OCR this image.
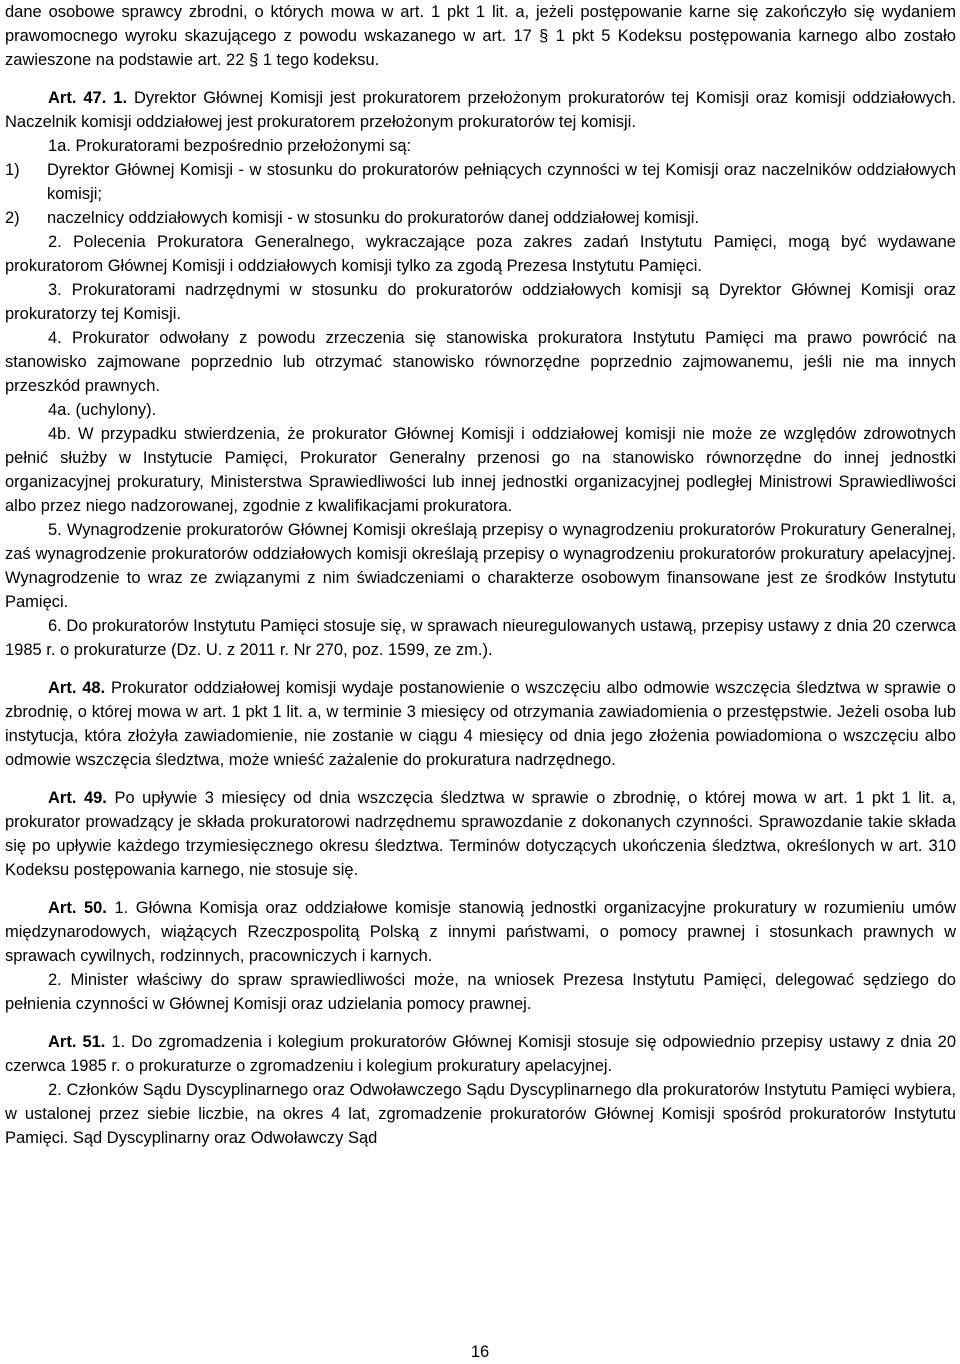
dane osobowe sprawcy zbrodni, o których mowa w art. 1 pkt 1 lit. a, jeżeli postępowanie karne się zakończyło się wydaniem prawomocnego wyroku skazującego z powodu wskazanego w art. 17 § 1 pkt 5 Kodeksu postępowania karnego albo zostało zawieszone na podstawie art. 22 § 1 tego kodeksu.

Art. 47. 1. Dyrektor Głównej Komisji jest prokuratorem przełożonym prokuratorów tej Komisji oraz komisji oddziałowych. Naczelnik komisji oddziałowej jest prokuratorem przełożonym prokuratorów tej komisji.

1a. Prokuratorami bezpośrednio przełożonymi są:

1)	Dyrektor Głównej Komisji - w stosunku do prokuratorów pełniących czynności w tej Komisji oraz naczelników oddziałowych komisji;
2)	naczelnicy oddziałowych komisji - w stosunku do prokuratorów danej oddziałowej komisji.

2. Polecenia Prokuratora Generalnego, wykraczające poza zakres zadań Instytutu Pamięci, mogą być wydawane prokuratorom Głównej Komisji i oddziałowych komisji tylko za zgodą Prezesa Instytutu Pamięci.

3. Prokuratorami nadrzędnymi w stosunku do prokuratorów oddziałowych komisji są Dyrektor Głównej Komisji oraz prokuratorzy tej Komisji.

4. Prokurator odwołany z powodu zrzeczenia się stanowiska prokuratora Instytutu Pamięci ma prawo powrócić na stanowisko zajmowane poprzednio lub otrzymać stanowisko równorzędne poprzednio zajmowanemu, jeśli nie ma innych przeszkód prawnych.

4a. (uchylony).

4b. W przypadku stwierdzenia, że prokurator Głównej Komisji i oddziałowej komisji nie może ze względów zdrowotnych pełnić służby w Instytucie Pamięci, Prokurator Generalny przenosi go na stanowisko równorzędne do innej jednostki organizacyjnej prokuratury, Ministerstwa Sprawiedliwości lub innej jednostki organizacyjnej podległej Ministrowi Sprawiedliwości albo przez niego nadzorowanej, zgodnie z kwalifikacjami prokuratora.

5. Wynagrodzenie prokuratorów Głównej Komisji określają przepisy o wynagrodzeniu prokuratorów Prokuratury Generalnej, zaś wynagrodzenie prokuratorów oddziałowych komisji określają przepisy o wynagrodzeniu prokuratorów prokuratury apelacyjnej. Wynagrodzenie to wraz ze związanymi z nim świadczeniami o charakterze osobowym finansowane jest ze środków Instytutu Pamięci.

6. Do prokuratorów Instytutu Pamięci stosuje się, w sprawach nieuregulowanych ustawą, przepisy ustawy z dnia 20 czerwca 1985 r. o prokuraturze (Dz. U. z 2011 r. Nr 270, poz. 1599, ze zm.).

Art. 48. Prokurator oddziałowej komisji wydaje postanowienie o wszczęciu albo odmowie wszczęcia śledztwa w sprawie o zbrodnię, o której mowa w art. 1 pkt 1 lit. a, w terminie 3 miesięcy od otrzymania zawiadomienia o przestępstwie. Jeżeli osoba lub instytucja, która złożyła zawiadomienie, nie zostanie w ciągu 4 miesięcy od dnia jego złożenia powiadomiona o wszczęciu albo odmowie wszczęcia śledztwa, może wnieść zażalenie do prokuratura nadrzędnego.

Art. 49. Po upływie 3 miesięcy od dnia wszczęcia śledztwa w sprawie o zbrodnię, o której mowa w art. 1 pkt 1 lit. a, prokurator prowadzący je składa prokuratorowi nadrzędnemu sprawozdanie z dokonanych czynności. Sprawozdanie takie składa się po upływie każdego trzymiesięcznego okresu śledztwa. Terminów dotyczących ukończenia śledztwa, określonych w art. 310 Kodeksu postępowania karnego, nie stosuje się.

Art. 50. 1. Główna Komisja oraz oddziałowe komisje stanowią jednostki organizacyjne prokuratury w rozumieniu umów międzynarodowych, wiążących Rzeczpospolitą Polską z innymi państwami, o pomocy prawnej i stosunkach prawnych w sprawach cywilnych, rodzinnych, pracowniczych i karnych.

2. Minister właściwy do spraw sprawiedliwości może, na wniosek Prezesa Instytutu Pamięci, delegować sędziego do pełnienia czynności w Głównej Komisji oraz udzielania pomocy prawnej.

Art. 51. 1. Do zgromadzenia i kolegium prokuratorów Głównej Komisji stosuje się odpowiednio przepisy ustawy z dnia 20 czerwca 1985 r. o prokuraturze o zgromadzeniu i kolegium prokuratury apelacyjnej.

2. Członków Sądu Dyscyplinarnego oraz Odwoławczego Sądu Dyscyplinarnego dla prokuratorów Instytutu Pamięci wybiera, w ustalonej przez siebie liczbie, na okres 4 lat, zgromadzenie prokuratorów Głównej Komisji spośród prokuratorów Instytutu Pamięci. Sąd Dyscyplinarny oraz Odwoławczy Sąd

16
